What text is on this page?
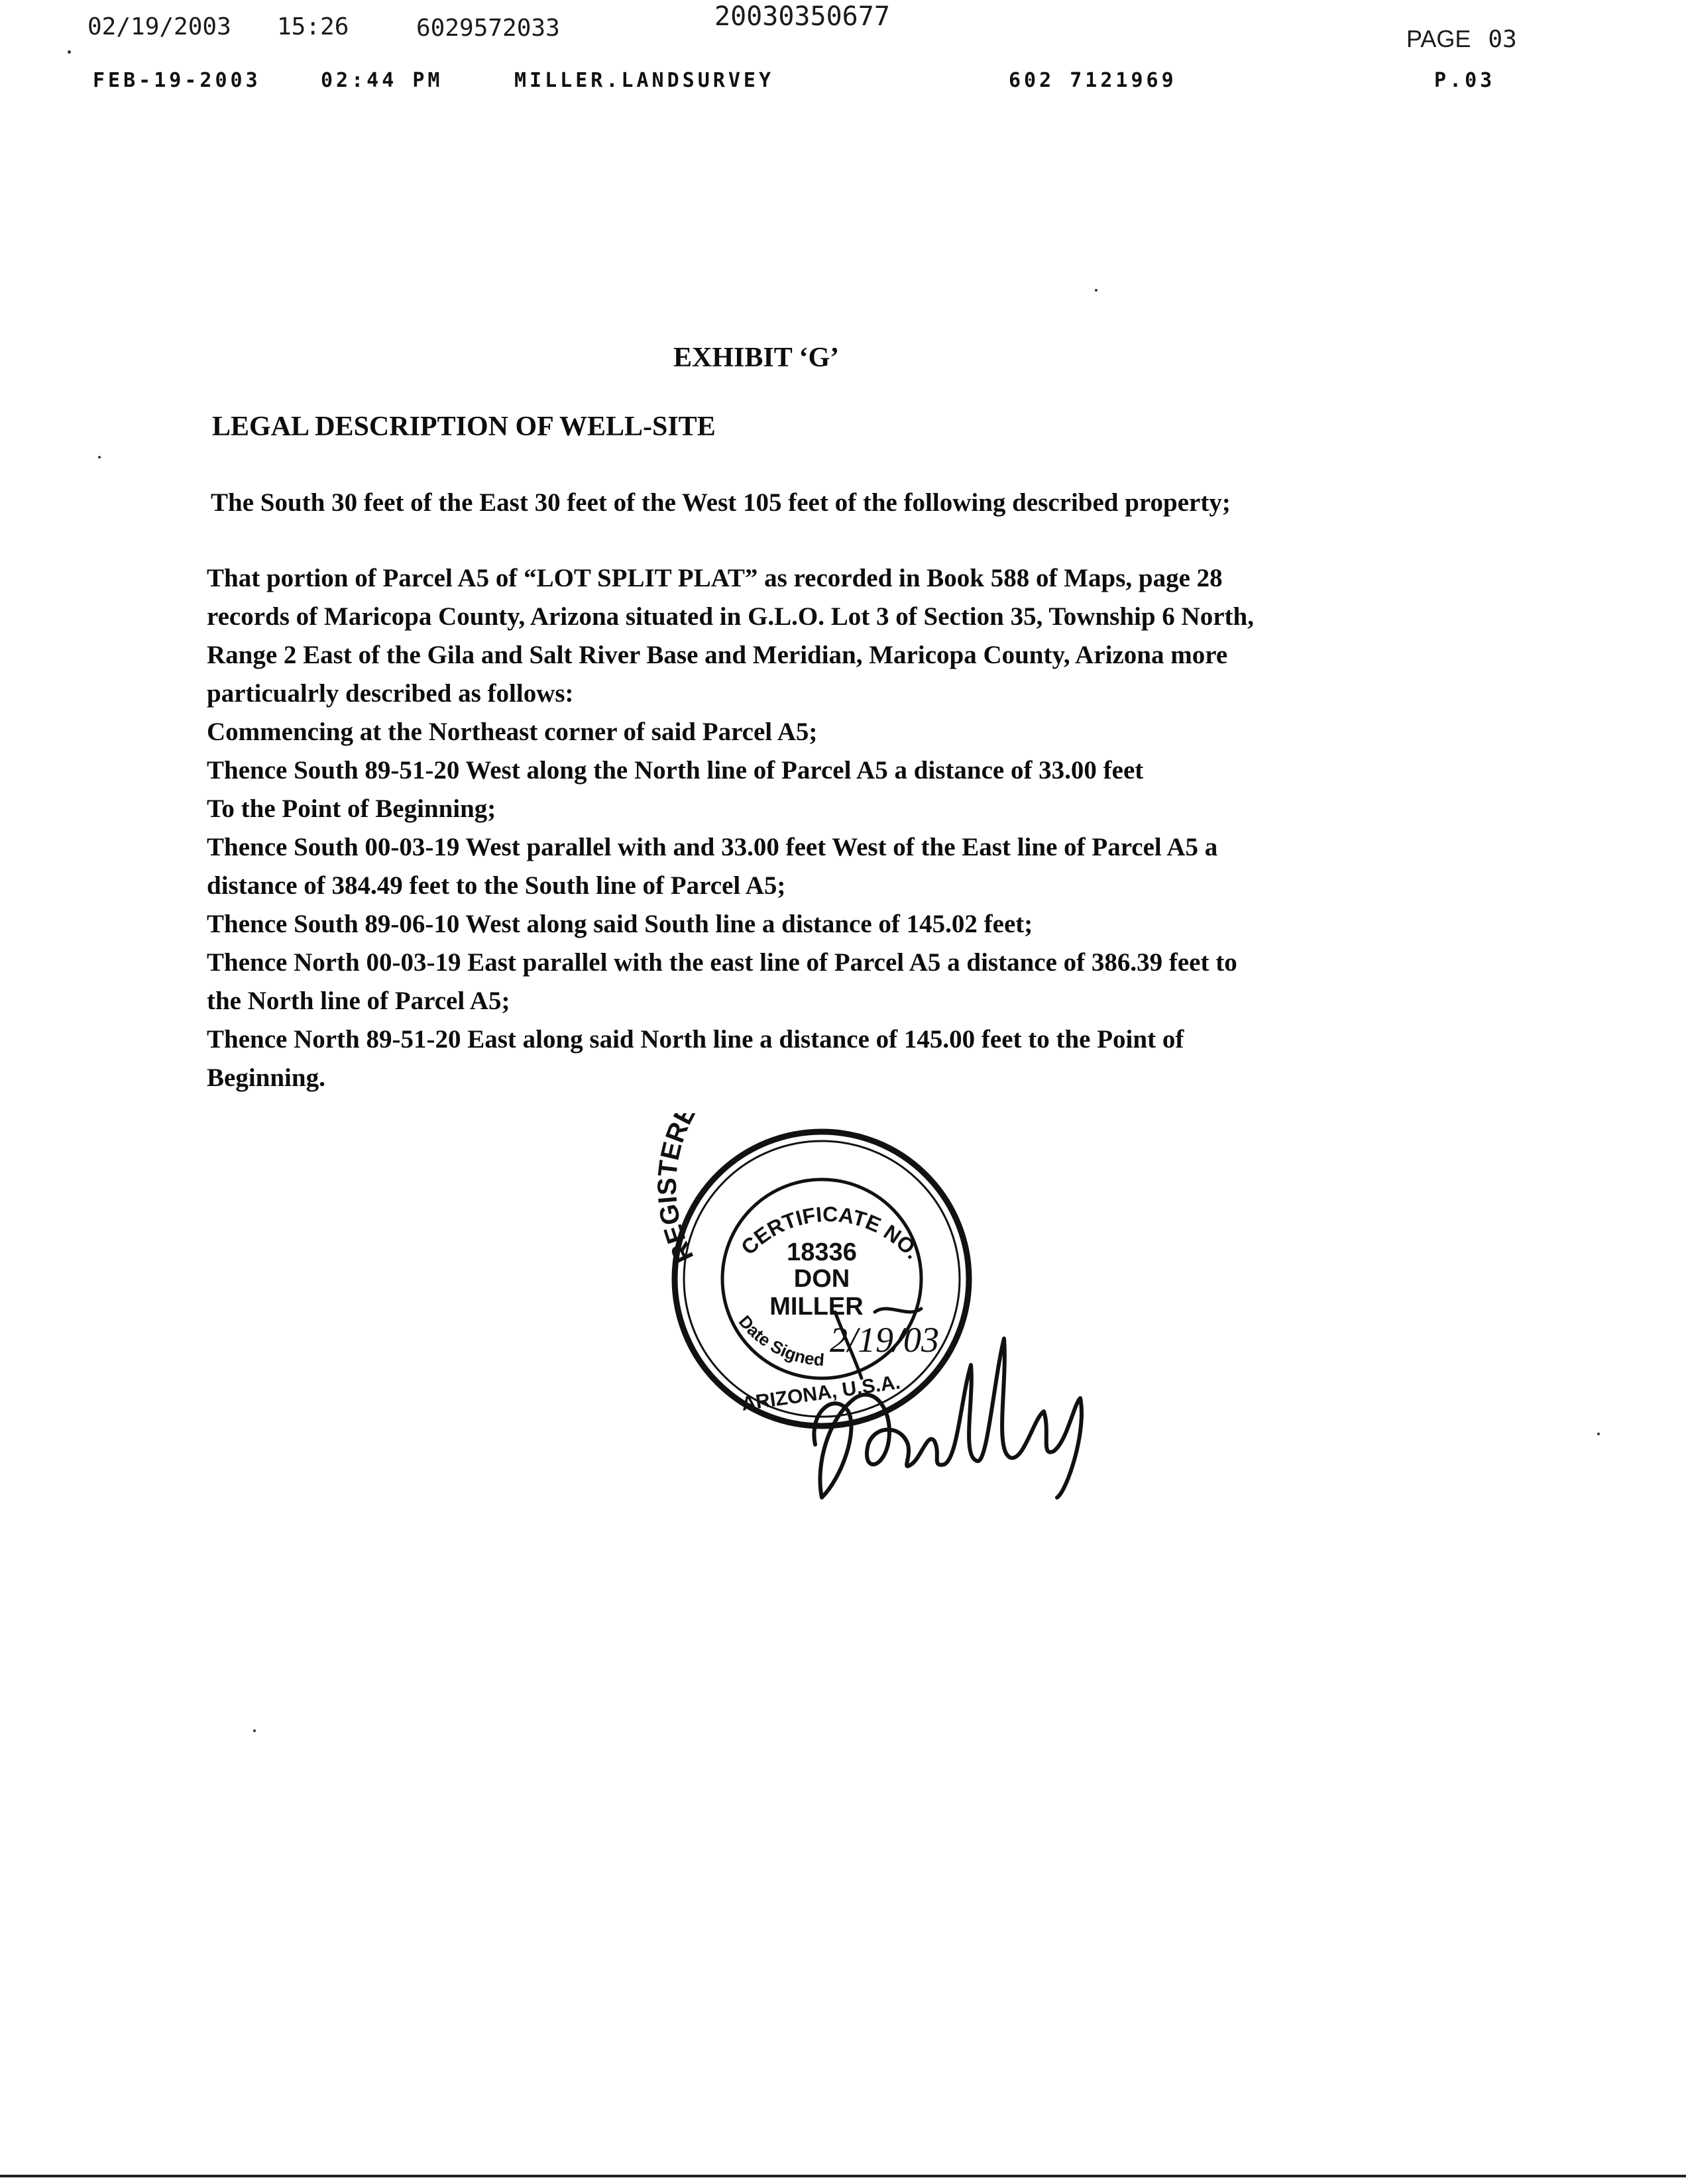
02/19/2003 15:26	6029572033	20030350677
PAGE 03
FEB-19-2003	02:44 PM	MILLER.LANDSURVEY	602 7121969	P.03
EXHIBIT ‘G’
LEGAL DESCRIPTION OF WELL-SITE
The South 30 feet of the East 30 feet of the West 105 feet of the following described property;
That portion of Parcel A5 of “LOT SPLIT PLAT” as recorded in Book 588 of Maps, page 28
records of Maricopa County, Arizona situated in G.L.O. Lot 3 of Section 35, Township 6 North,
Range 2 East of the Gila and Salt River Base and Meridian, Maricopa County, Arizona more
particualrly described as follows:
Commencing at the Northeast corner of said Parcel A5;
Thence South 89-51-20 West along the North line of Parcel A5 a distance of 33.00 feet
To the Point of Beginning;
Thence South 00-03-19 West parallel with and 33.00 feet West of the East line of Parcel A5 a
distance of 384.49 feet to the South line of Parcel A5;
Thence South 89-06-10 West along said South line a distance of 145.02 feet;
Thence North 00-03-19 East parallel with the east line of Parcel A5 a distance of 386.39 feet to
the North line of Parcel A5;
Thence North 89-51-20 East along said North line a distance of 145.00 feet to the Point of
Beginning.
REG ERE
CERTIFICATE NO.
18336
DON
MILLER
Date Signed 2/19/03
ARIZONA, U.S.A.
